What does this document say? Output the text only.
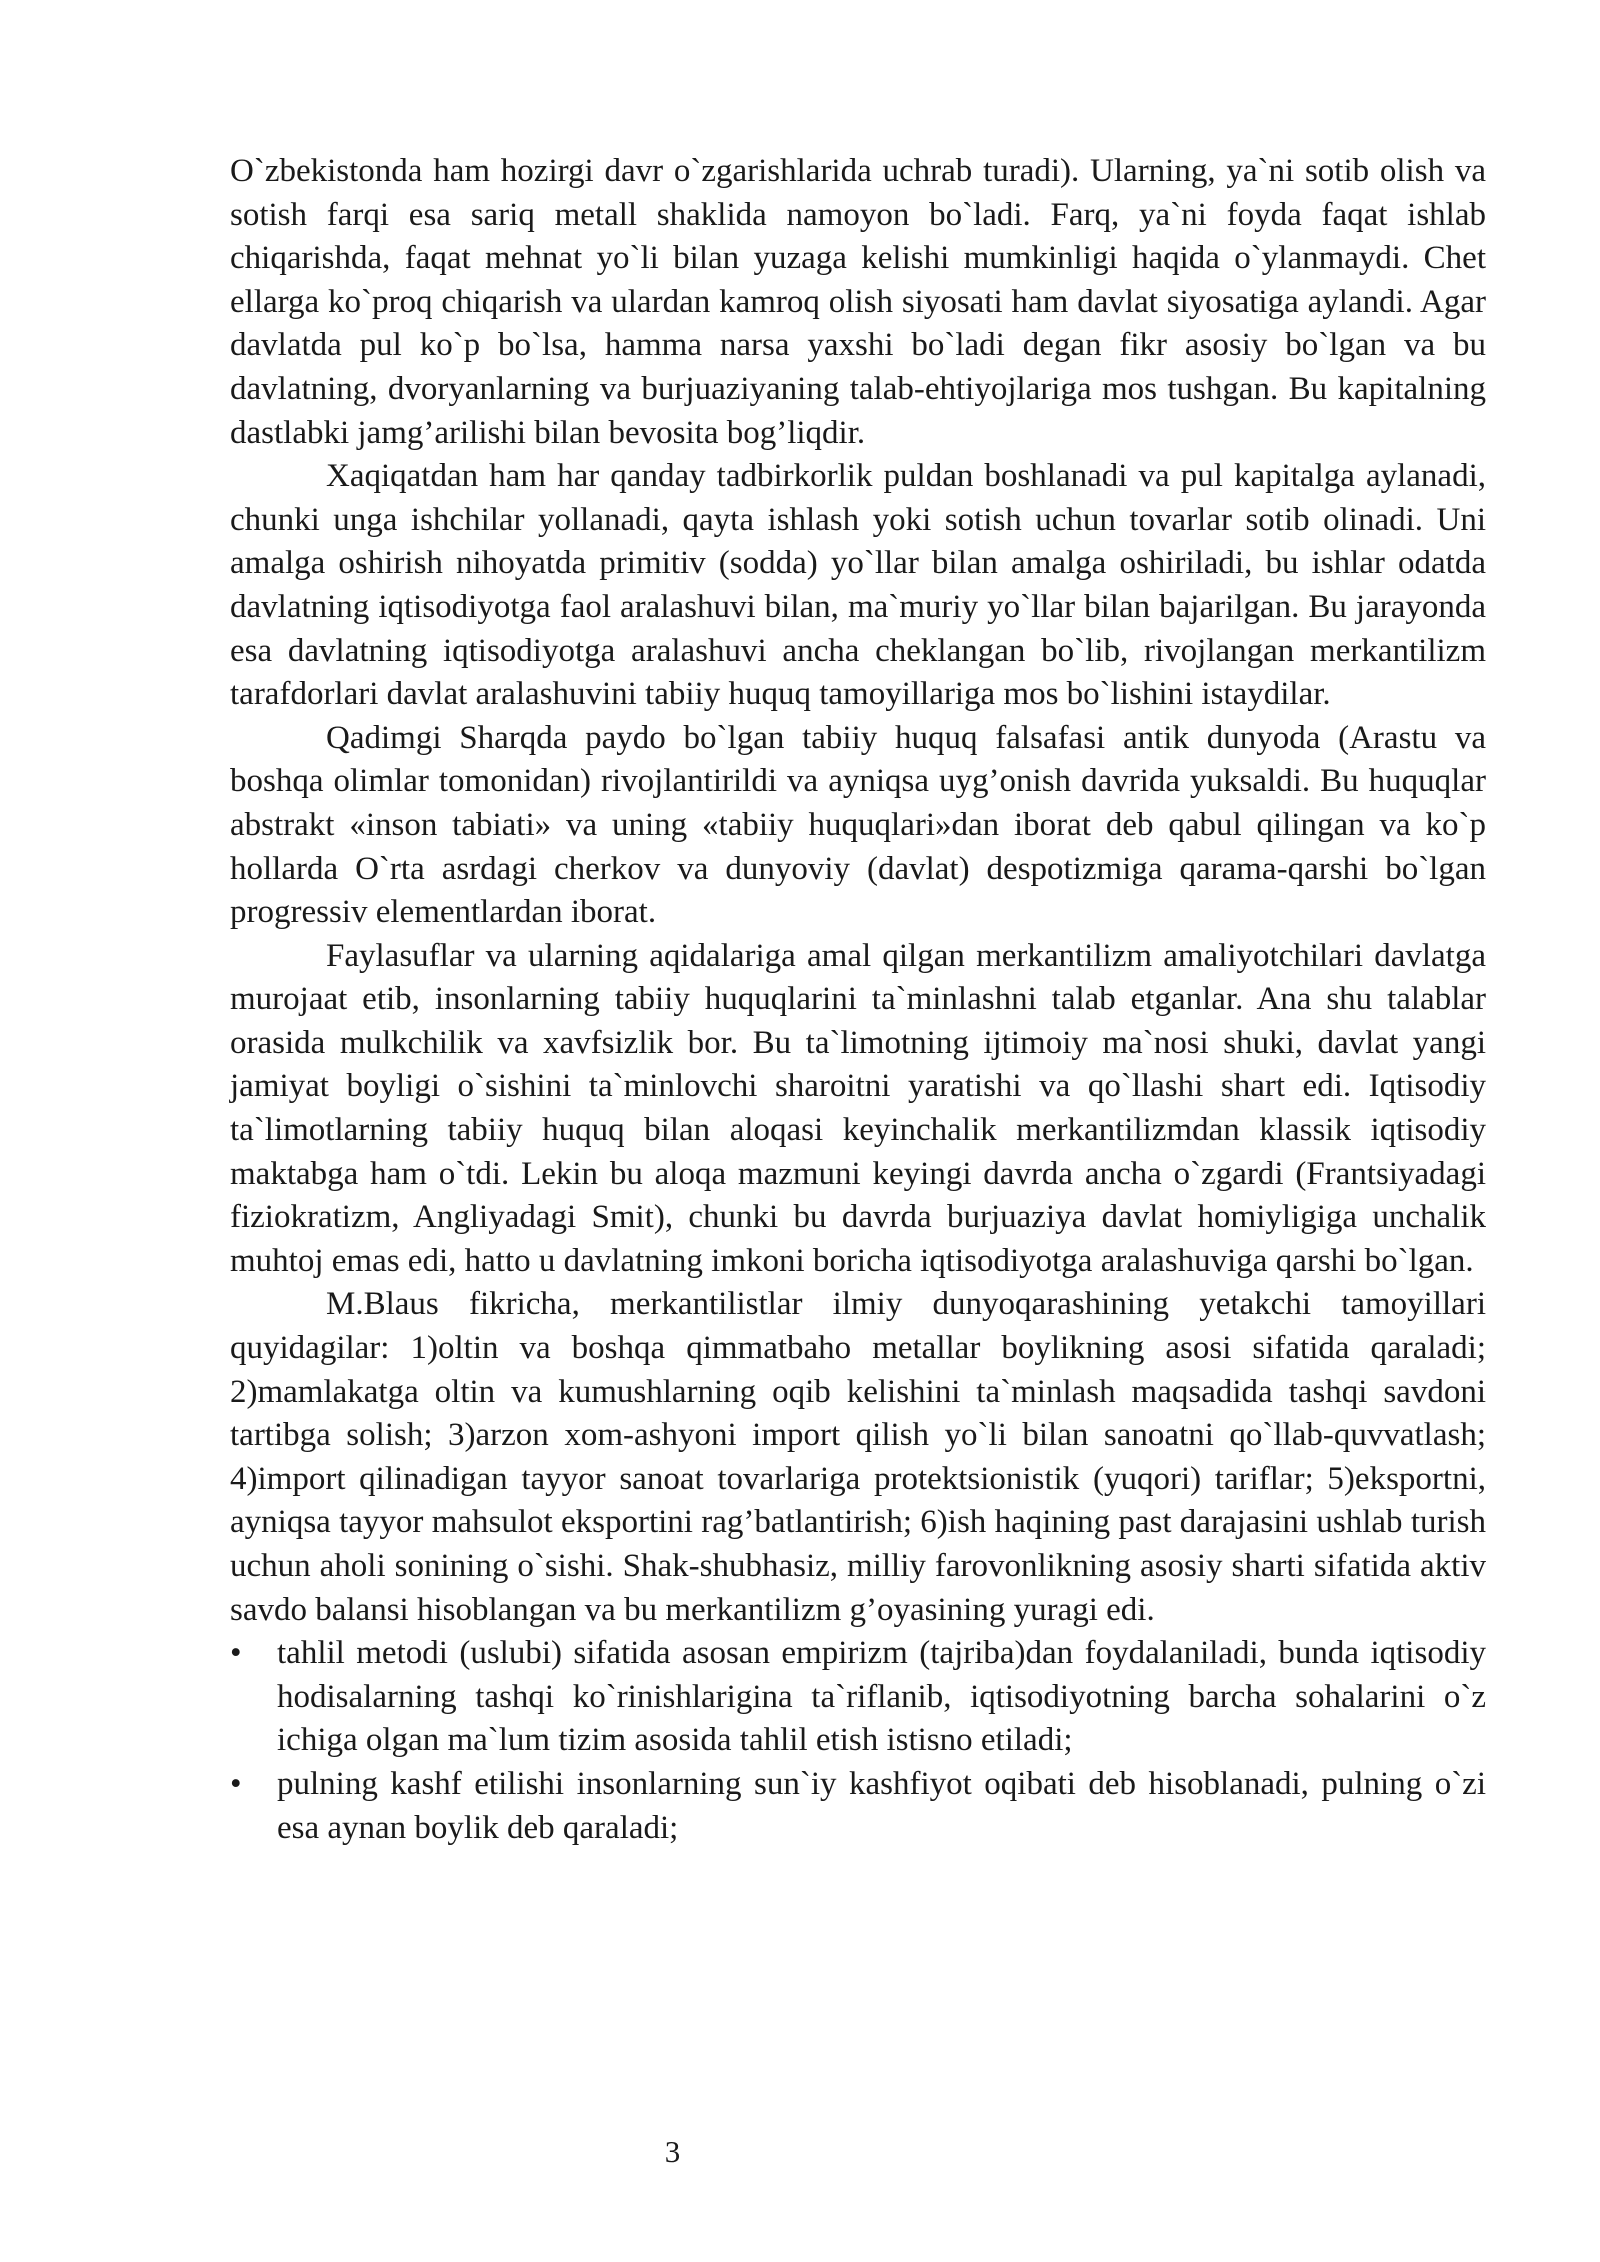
O`zbekistonda ham hozirgi davr o`zgarishlarida uchrab turadi). Ularning, ya`ni sotib olish va sotish farqi esa sariq metall shaklida namoyon bo`ladi. Farq, ya`ni foyda faqat ishlab chiqarishda, faqat mehnat yo`li bilan yuzaga kelishi mumkinligi haqida o`ylanmaydi. Chet ellarga ko`proq chiqarish va ulardan kamroq olish siyosati ham davlat siyosatiga aylandi. Agar davlatda pul ko`p bo`lsa, hamma narsa yaxshi bo`ladi degan fikr asosiy bo`lgan va bu davlatning, dvoryanlarning va burjuaziyaning talab-ehtiyojlariga mos tushgan. Bu kapitalning dastlabki jamg’arilishi bilan bevosita bog’liqdir.

Xaqiqatdan ham har qanday tadbirkorlik puldan boshlanadi va pul kapitalga aylanadi, chunki unga ishchilar yollanadi, qayta ishlash yoki sotish uchun tovarlar sotib olinadi. Uni amalga oshirish nihoyatda primitiv (sodda) yo`llar bilan amalga oshiriladi, bu ishlar odatda davlatning iqtisodiyotga faol aralashuvi bilan, ma`muriy yo`llar bilan bajarilgan. Bu jarayonda esa davlatning iqtisodiyotga aralashuvi ancha cheklangan bo`lib, rivojlangan merkantilizm tarafdorlari davlat aralashuvini tabiiy huquq tamoyillariga mos bo`lishini istaydilar.

Qadimgi Sharqda paydo bo`lgan tabiiy huquq falsafasi antik dunyoda (Arastu va boshqa olimlar tomonidan) rivojlantirildi va ayniqsa uyg’onish davrida yuksaldi. Bu huquqlar abstrakt «inson tabiati» va uning «tabiiy huquqlari»dan iborat deb qabul qilingan va ko`p hollarda O`rta asrdagi cherkov va dunyoviy (davlat) despotizmiga qarama-qarshi bo`lgan progressiv elementlardan iborat.

Faylasuflar va ularning aqidalariga amal qilgan merkantilizm amaliyotchilari davlatga murojaat etib, insonlarning tabiiy huquqlarini ta`minlashni talab etganlar. Ana shu talablar orasida mulkchilik va xavfsizlik bor. Bu ta`limotning ijtimoiy ma`nosi shuki, davlat yangi jamiyat boyligi o`sishini ta`minlovchi sharoitni yaratishi va qo`llashi shart edi. Iqtisodiy ta`limotlarning tabiiy huquq bilan aloqasi keyinchalik merkantilizmdan klassik iqtisodiy maktabga ham o`tdi. Lekin bu aloqa mazmuni keyingi davrda ancha o`zgardi (Frantsiyadagi fiziokratizm, Angliyadagi Smit), chunki bu davrda burjuaziya davlat homiyligiga unchalik muhtoj emas edi, hatto u davlatning imkoni boricha iqtisodiyotga aralashuviga qarshi bo`lgan.

M.Blaus fikricha, merkantilistlar ilmiy dunyoqarashining yetakchi tamoyillari quyidagilar: 1)oltin va boshqa qimmatbaho metallar boylikning asosi sifatida qaraladi; 2)mamlakatga oltin va kumushlarning oqib kelishini ta`minlash maqsadida tashqi savdoni tartibga solish; 3)arzon xom-ashyoni import qilish yo`li bilan sanoatni qo`llab-quvvatlash; 4)import qilinadigan tayyor sanoat tovarlariga protektsionistik (yuqori) tariflar; 5)eksportni, ayniqsa tayyor mahsulot eksportini rag’batlantirish; 6)ish haqining past darajasini ushlab turish uchun aholi sonining o`sishi. Shak-shubhasiz, milliy farovonlikning asosiy sharti sifatida aktiv savdo balansi hisoblangan va bu merkantilizm g’oyasining yuragi edi.

•	tahlil metodi (uslubi) sifatida asosan empirizm (tajriba)dan foydalaniladi, bunda iqtisodiy hodisalarning tashqi ko`rinishlarigina ta`riflanib, iqtisodiyotning barcha sohalarini o`z ichiga olgan ma`lum tizim asosida tahlil etish istisno etiladi;
•	pulning kashf etilishi insonlarning sun`iy kashfiyot oqibati deb hisoblanadi, pulning o`zi esa aynan boylik deb qaraladi;
3
